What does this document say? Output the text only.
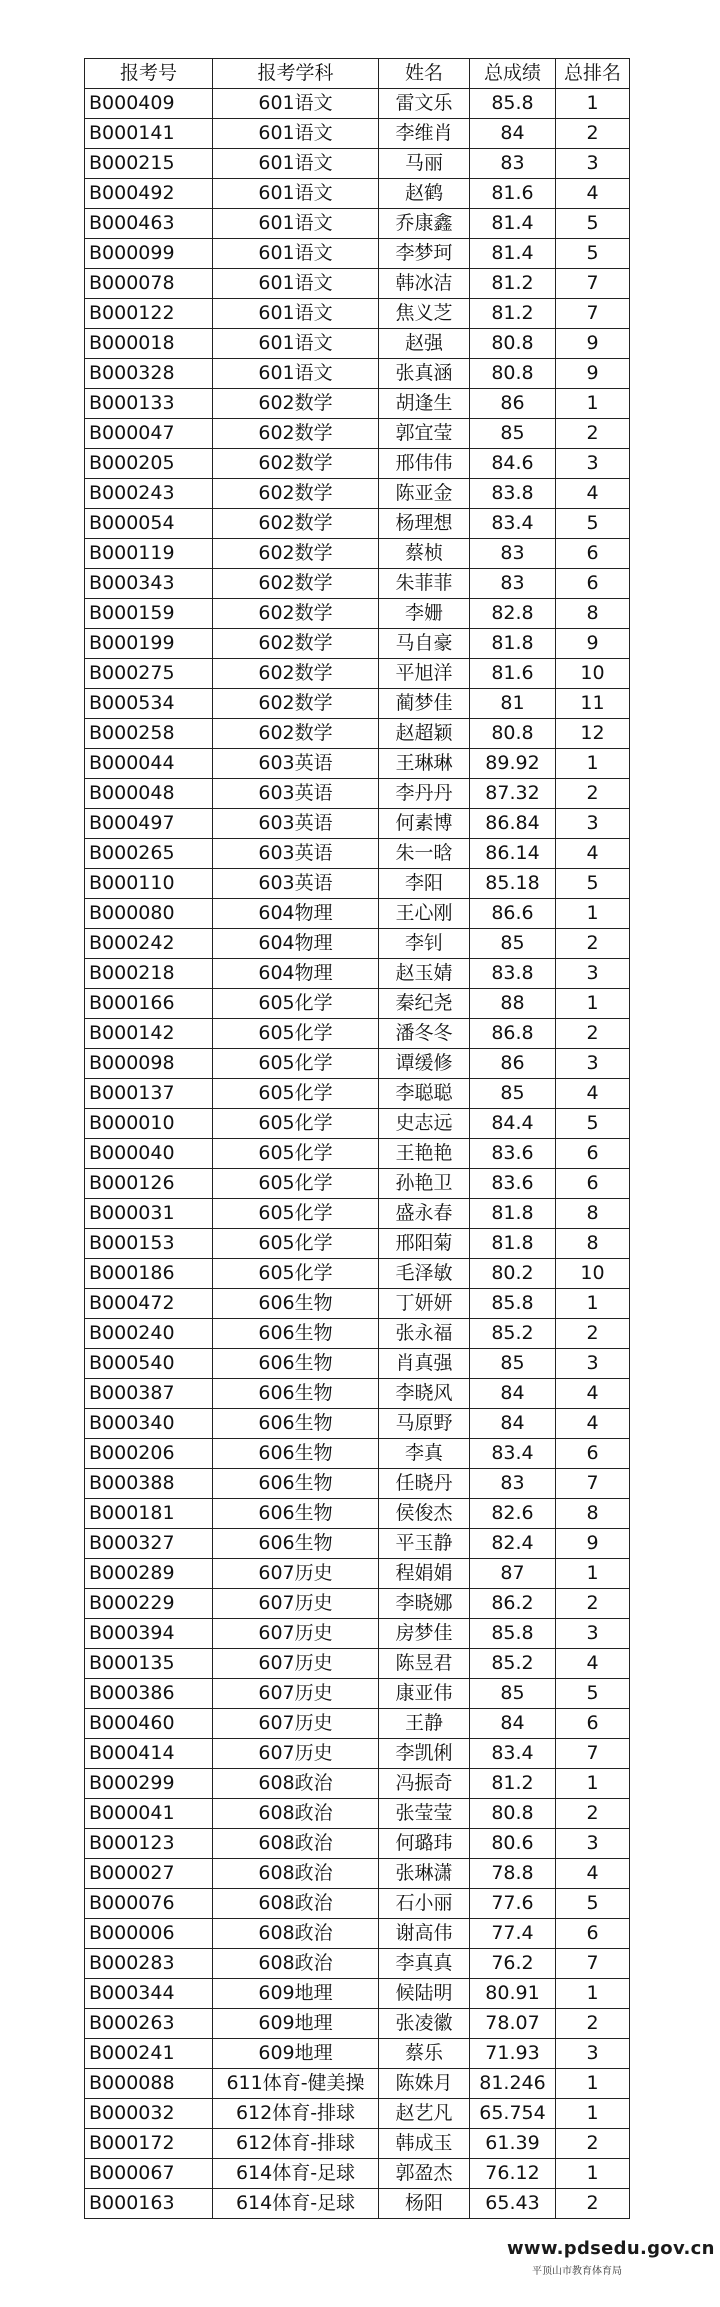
报考号	报考学科	姓名	总成绩	总排名
B000409	601语文	雷文乐	85.8	1
B000141	601语文	李维肖	84	2
B000215	601语文	马丽	83	3
B000492	601语文	赵鹤	81.6	4
B000463	601语文	乔康鑫	81.4	5
B000099	601语文	李梦珂	81.4	5
B000078	601语文	韩冰洁	81.2	7
B000122	601语文	焦义芝	81.2	7
B000018	601语文	赵强	80.8	9
B000328	601语文	张真涵	80.8	9
B000133	602数学	胡逢生	86	1
B000047	602数学	郭宜莹	85	2
B000205	602数学	邢伟伟	84.6	3
B000243	602数学	陈亚金	83.8	4
B000054	602数学	杨理想	83.4	5
B000119	602数学	蔡桢	83	6
B000343	602数学	朱菲菲	83	6
B000159	602数学	李姗	82.8	8
B000199	602数学	马自豪	81.8	9
B000275	602数学	平旭洋	81.6	10
B000534	602数学	蔺梦佳	81	11
B000258	602数学	赵超颖	80.8	12
B000044	603英语	王琳琳	89.92	1
B000048	603英语	李丹丹	87.32	2
B000497	603英语	何素博	86.84	3
B000265	603英语	朱一晗	86.14	4
B000110	603英语	李阳	85.18	5
B000080	604物理	王心刚	86.6	1
B000242	604物理	李钊	85	2
B000218	604物理	赵玉婧	83.8	3
B000166	605化学	秦纪尧	88	1
B000142	605化学	潘冬冬	86.8	2
B000098	605化学	谭缓修	86	3
B000137	605化学	李聪聪	85	4
B000010	605化学	史志远	84.4	5
B000040	605化学	王艳艳	83.6	6
B000126	605化学	孙艳卫	83.6	6
B000031	605化学	盛永春	81.8	8
B000153	605化学	邢阳菊	81.8	8
B000186	605化学	毛泽敏	80.2	10
B000472	606生物	丁妍妍	85.8	1
B000240	606生物	张永福	85.2	2
B000540	606生物	肖真强	85	3
B000387	606生物	李晓风	84	4
B000340	606生物	马原野	84	4
B000206	606生物	李真	83.4	6
B000388	606生物	任晓丹	83	7
B000181	606生物	侯俊杰	82.6	8
B000327	606生物	平玉静	82.4	9
B000289	607历史	程娟娟	87	1
B000229	607历史	李晓娜	86.2	2
B000394	607历史	房梦佳	85.8	3
B000135	607历史	陈昱君	85.2	4
B000386	607历史	康亚伟	85	5
B000460	607历史	王静	84	6
B000414	607历史	李凯俐	83.4	7
B000299	608政治	冯振奇	81.2	1
B000041	608政治	张莹莹	80.8	2
B000123	608政治	何璐玮	80.6	3
B000027	608政治	张琳潇	78.8	4
B000076	608政治	石小丽	77.6	5
B000006	608政治	谢高伟	77.4	6
B000283	608政治	李真真	76.2	7
B000344	609地理	候陆明	80.91	1
B000263	609地理	张凌徽	78.07	2
B000241	609地理	蔡乐	71.93	3
B000088	611体育-健美操	陈姝月	81.246	1
B000032	612体育-排球	赵艺凡	65.754	1
B000172	612体育-排球	韩成玉	61.39	2
B000067	614体育-足球	郭盈杰	76.12	1
B000163	614体育-足球	杨阳	65.43	2
www.pdsedu.gov.cn
平顶山市教育体育局
